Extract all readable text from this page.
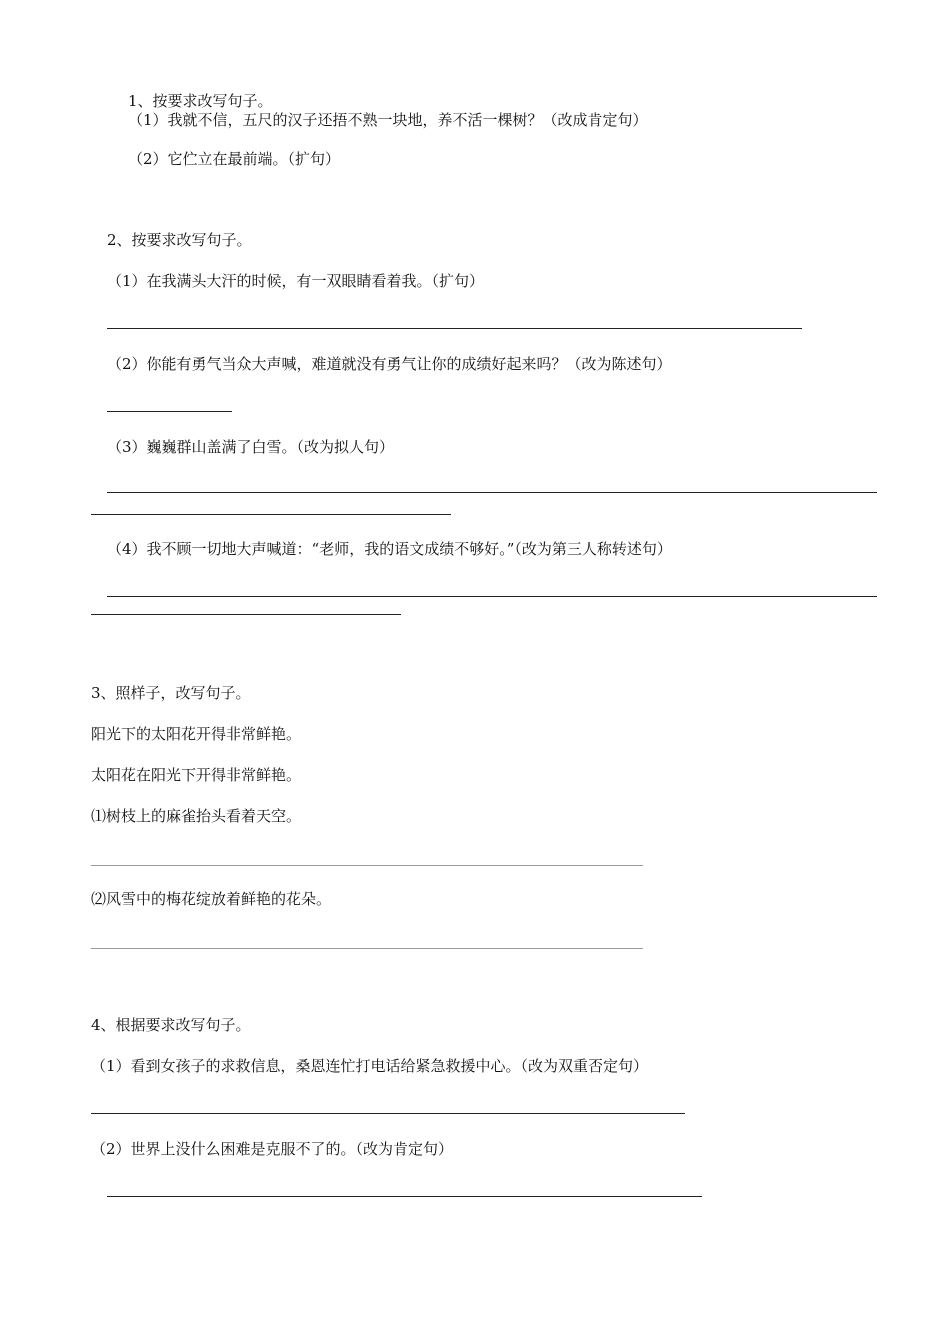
1、按要求改写句子。
（1）我就不信，五尺的汉子还捂不熟一块地，养不活一棵树？（改成肯定句）
（2）它伫立在最前端。（扩句）
2、按要求改写句子。
（1）在我满头大汗的时候，有一双眼睛看着我。（扩句）
（2）你能有勇气当众大声喊，难道就没有勇气让你的成绩好起来吗？（改为陈述句）
（3）巍巍群山盖满了白雪。（改为拟人句）
（4）我不顾一切地大声喊道：“老师，我的语文成绩不够好。”（改为第三人称转述句）
3、照样子，改写句子。
阳光下的太阳花开得非常鲜艳。
太阳花在阳光下开得非常鲜艳。
⑴树枝上的麻雀抬头看着天空。
⑵风雪中的梅花绽放着鲜艳的花朵。
4、根据要求改写句子。
（1）看到女孩子的求救信息，桑恩连忙打电话给紧急救援中心。（改为双重否定句）
（2）世界上没什么困难是克服不了的。（改为肯定句）
